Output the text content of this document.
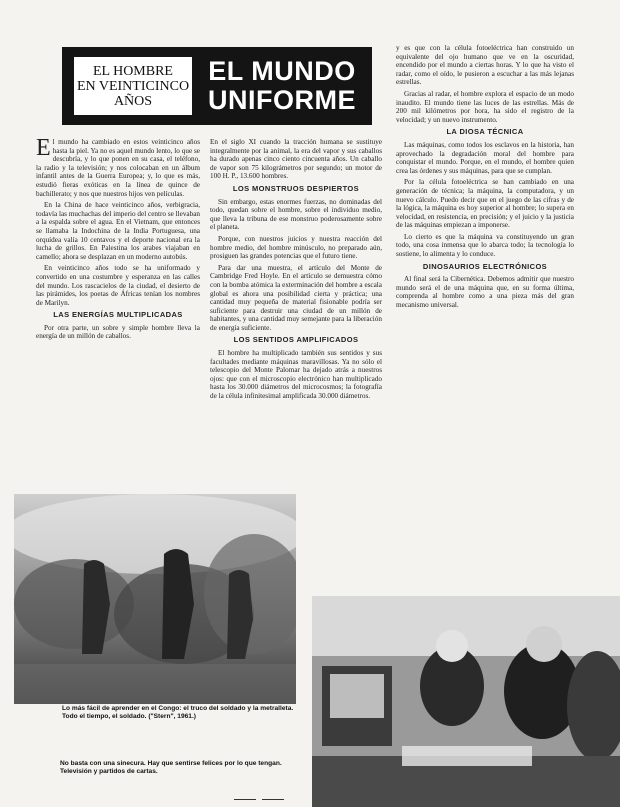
EL HOMBRE
EN VEINTICINCO
AÑOS
EL MUNDO
UNIFORME

E l mundo ha cambiado en estos veinticinco años hasta la piel. Ya no es aquel mundo lento, lo que se descubría, y lo que ponen en su casa, el teléfono, la radio y la televisión; y nos colocaban en un álbum infantil antes de la Guerra Europea; y, lo que es más, estudió fieras exóticas en la línea de quince de bachillerato; y nos que nuestros hijos ven películas.

En la China de hace veinticinco años, verbigracia, todavía las muchachas del imperio del centro se llevaban a la espalda sobre el agua. En el Vietnam, que entonces se llamaba la Indochina de la India Portuguesa, una orquídea valía 10 centavos y el deporte nacional era la lucha de grillos. En Palestina los arabes viajaban en camello; ahora se desplazan en un moderno autobús.

En veinticinco años todo se ha uniformado y convertido en una costumbre y esperanza en las calles del mundo. Los rascacielos de la ciudad, el desierto de las pirámides, los poetas de Áfricas tenían los nombres de Marilyn.

LAS ENERGÍAS MULTIPLICADAS

Por otra parte, un sobre y simple hombre lleva la energía de un millón de caballos.

En el siglo XI cuando la tracción humana se sustituye integralmente por la animal, la era del vapor y sus caballos ha durado apenas cinco ciento cincuenta años. Un caballo de vapor son 75 kilográmetros por segundo; un motor de 100 H. P., 13.600 hombres.

LOS MONSTRUOS DESPIERTOS

Sin embargo, estas enormes fuerzas, no dominadas del todo, quedan sobre el hombre, sobre el individuo medio, que lleva la tribuna de ese monstruo poderosamente sobre el planeta.

Porque, con nuestros juicios y nuestra reacción del hombre medio, del hombre minúsculo, no preparado aún, prosiguen las grandes potencias que el futuro tiene.

Para dar una muestra, el artículo del Monte de Cambridge Fred Hoyle. En el artículo se demuestra cómo con la bomba atómica la exterminación del hombre a escala global es ahora una posibilidad cierta y práctica; una cantidad muy pequeña de material fisionable podría ser suficiente para destruir una ciudad de un millón de habitantes, y una cantidad muy semejante para la liberación de energía suficiente.

LOS SENTIDOS AMPLIFICADOS

El hombre ha multiplicado también sus sentidos y sus facultades mediante máquinas maravillosas. Ya no sólo el telescopio del Monte Palomar ha dejado atrás a nuestros ojos: que con el microscopio electrónico han multiplicado hasta los 30.000 diámetros del microcosmos; la fotografía de la célula infinitesimal amplificada 30.000 diámetros.

y es que con la célula fotoeléctrica han construido un equivalente del ojo humano que ve en la oscuridad, encendido por el mundo a ciertas horas. Y lo que ha visto el radar, como el oído, le pusieron a escuchar a las más lejanas estrellas.

Gracias al radar, el hombre explora el espacio de un modo inaudito. El mundo tiene las luces de las estrellas. Más de 200 mil kilómetros por hora, ha sido el registro de la velocidad; y un nuevo instrumento.

LA DIOSA TÉCNICA

Las máquinas, como todos los esclavos en la historia, han aprovechado la degradación moral del hombre para conquistar el mundo. Porque, en el mundo, el hombre quien crea las órdenes y sus máquinas, para que se cumplan.

Por la célula fotoeléctrica se han cambiado en una generación de técnica; la máquina, la computadora, y un nuevo cálculo. Puedo decir que en el juego de las cifras y de la lógica, la máquina es hoy superior al hombre; lo supera en velocidad, en resistencia, en precisión; y el juicio y la justicia de las máquinas empiezan a imponerse.

Lo cierto es que la máquina va constituyendo un gran todo, una cosa inmensa que lo abarca todo; la tecnología lo sostiene, lo alimenta y lo conduce.

DINOSAURIOS ELECTRÓNICOS

Al final será la Cibernética. Debemos admitir que nuestro mundo será el de una máquina que, en su forma última, comprenda al hombre como a una pieza más del gran mecanismo universal.

Lo más fácil de aprender en el Congo: el truco del soldado y la metralleta. Todo el tiempo, el soldado. ("Stern", 1961.)
No basta con una sinecura. Hay que sentirse felices por lo que tengan. Televisión y partidos de cartas.
